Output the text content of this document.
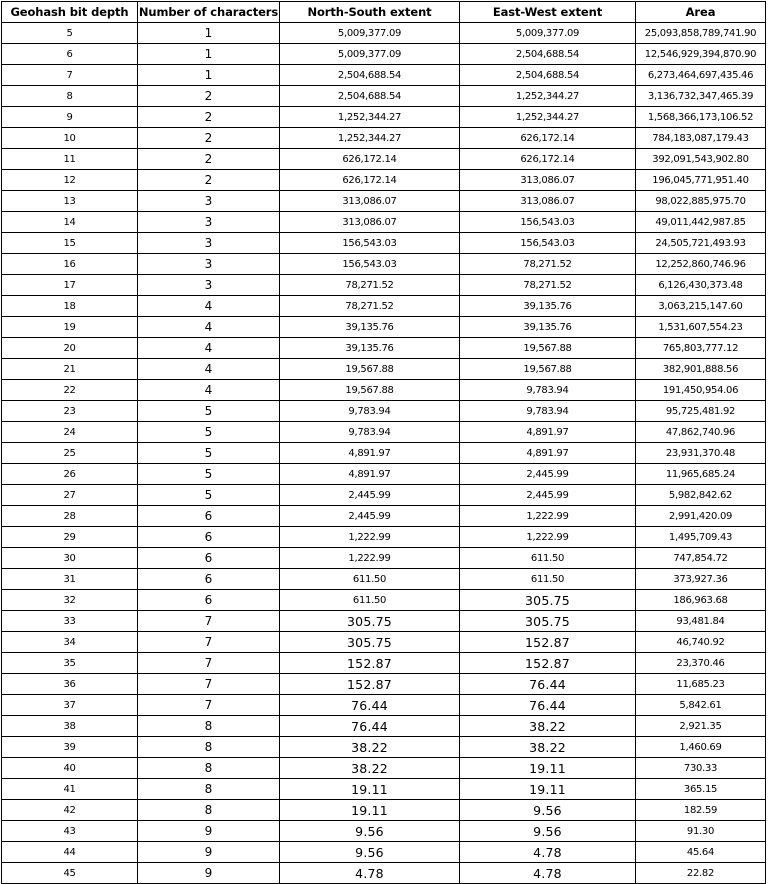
Geohash bit depth	Number of characters	North-South extent	East-West extent	Area
5	1	5,009,377.09	5,009,377.09	25,093,858,789,741.90
6	1	5,009,377.09	2,504,688.54	12,546,929,394,870.90
7	1	2,504,688.54	2,504,688.54	6,273,464,697,435.46
8	2	2,504,688.54	1,252,344.27	3,136,732,347,465.39
9	2	1,252,344.27	1,252,344.27	1,568,366,173,106.52
10	2	1,252,344.27	626,172.14	784,183,087,179.43
11	2	626,172.14	626,172.14	392,091,543,902.80
12	2	626,172.14	313,086.07	196,045,771,951.40
13	3	313,086.07	313,086.07	98,022,885,975.70
14	3	313,086.07	156,543.03	49,011,442,987.85
15	3	156,543.03	156,543.03	24,505,721,493.93
16	3	156,543.03	78,271.52	12,252,860,746.96
17	3	78,271.52	78,271.52	6,126,430,373.48
18	4	78,271.52	39,135.76	3,063,215,147.60
19	4	39,135.76	39,135.76	1,531,607,554.23
20	4	39,135.76	19,567.88	765,803,777.12
21	4	19,567.88	19,567.88	382,901,888.56
22	4	19,567.88	9,783.94	191,450,954.06
23	5	9,783.94	9,783.94	95,725,481.92
24	5	9,783.94	4,891.97	47,862,740.96
25	5	4,891.97	4,891.97	23,931,370.48
26	5	4,891.97	2,445.99	11,965,685.24
27	5	2,445.99	2,445.99	5,982,842.62
28	6	2,445.99	1,222.99	2,991,420.09
29	6	1,222.99	1,222.99	1,495,709.43
30	6	1,222.99	611.50	747,854.72
31	6	611.50	611.50	373,927.36
32	6	611.50	305.75	186,963.68
33	7	305.75	305.75	93,481.84
34	7	305.75	152.87	46,740.92
35	7	152.87	152.87	23,370.46
36	7	152.87	76.44	11,685.23
37	7	76.44	76.44	5,842.61
38	8	76.44	38.22	2,921.35
39	8	38.22	38.22	1,460.69
40	8	38.22	19.11	730.33
41	8	19.11	19.11	365.15
42	8	19.11	9.56	182.59
43	9	9.56	9.56	91.30
44	9	9.56	4.78	45.64
45	9	4.78	4.78	22.82
